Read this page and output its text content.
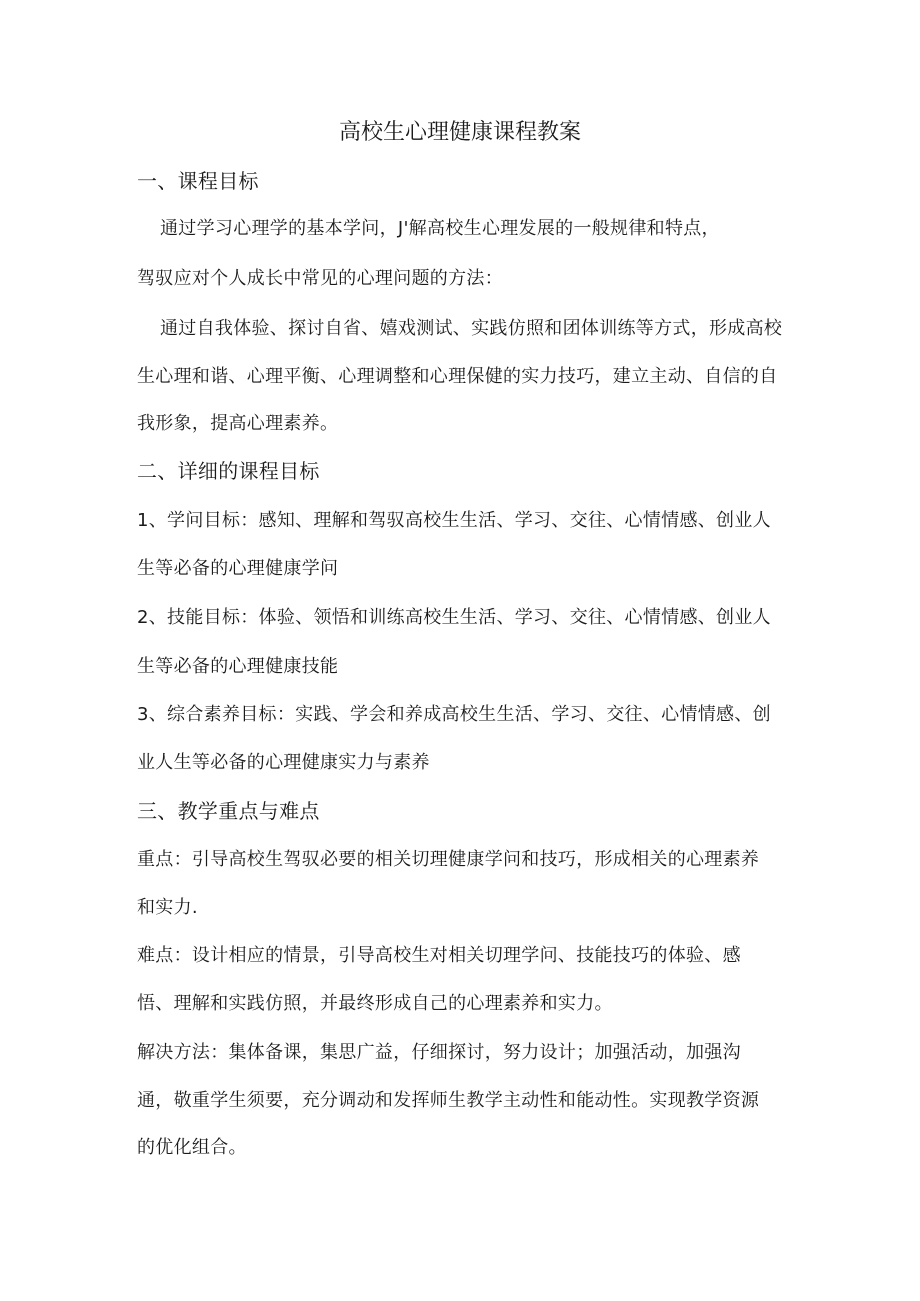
高校生心理健康课程教案
一、课程目标
通过学习心理学的基本学问，J'解高校生心理发展的一般规律和特点，
驾驭应对个人成长中常见的心理问题的方法：
通过自我体验、探讨自省、嬉戏测试、实践仿照和团体训练等方式，形成高校
生心理和谐、心理平衡、心理调整和心理保健的实力技巧，建立主动、自信的自
我形象，提高心理素养。
二、详细的课程目标
1、学问目标：感知、理解和驾驭高校生生活、学习、交往、心情情感、创业人
生等必备的心理健康学问
2、技能目标：体验、领悟和训练高校生生活、学习、交往、心情情感、创业人
生等必备的心理健康技能
3、综合素养目标：实践、学会和养成高校生生活、学习、交往、心情情感、创
业人生等必备的心理健康实力与素养
三、教学重点与难点
重点：引导高校生驾驭必要的相关切理健康学问和技巧，形成相关的心理素养
和实力.
难点：设计相应的情景，引导高校生对相关切理学问、技能技巧的体验、感
悟、理解和实践仿照，并最终形成自己的心理素养和实力。
解决方法：集体备课，集思广益，仔细探讨，努力设计；加强活动，加强沟
通，敬重学生须要，充分调动和发挥师生教学主动性和能动性。实现教学资源
的优化组合。
